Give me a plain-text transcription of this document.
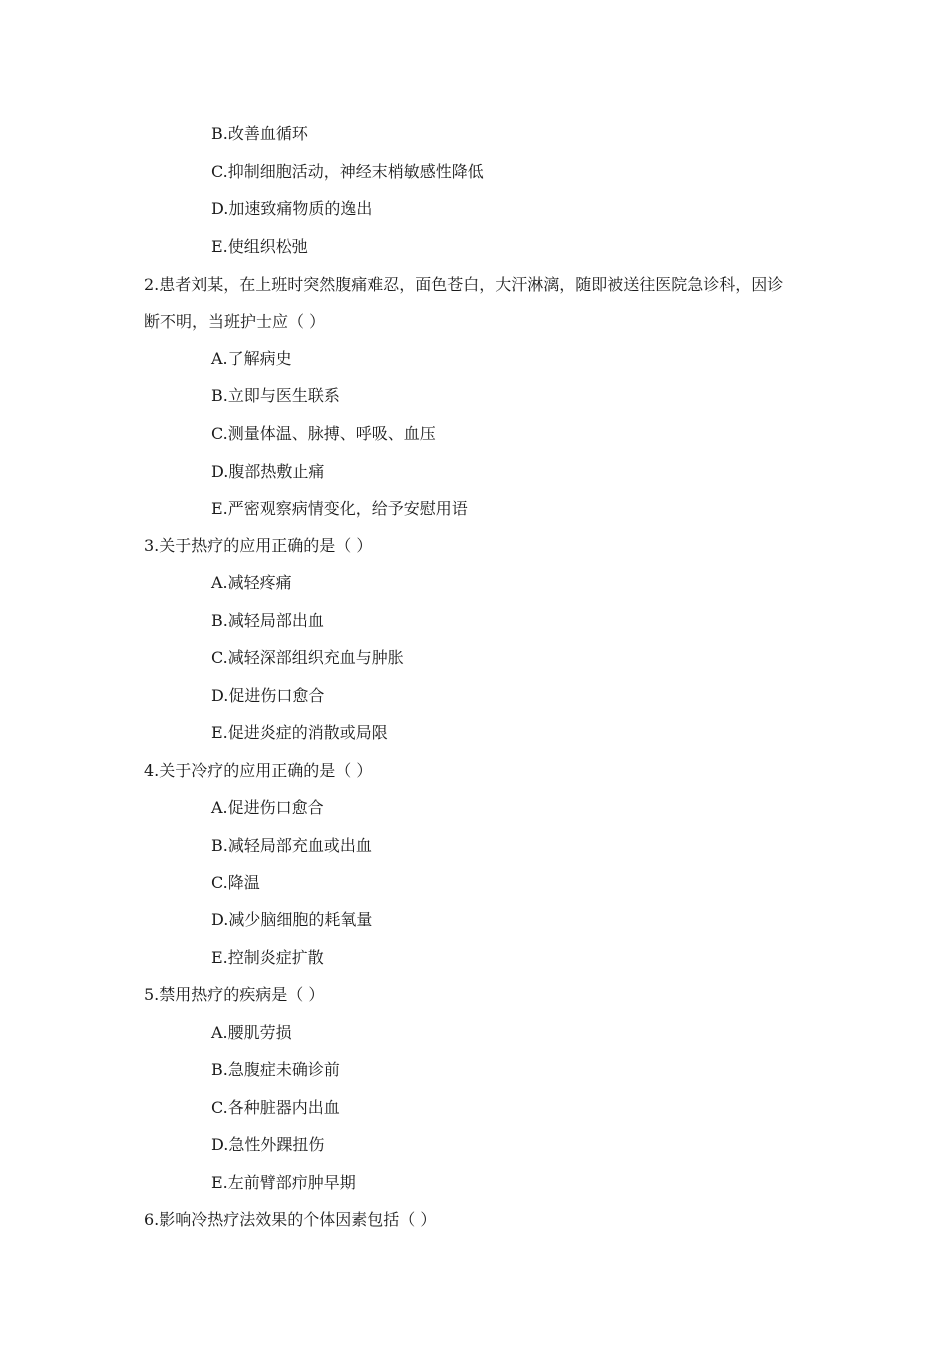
B.改善血循环
C.抑制细胞活动，神经末梢敏感性降低
D.加速致痛物质的逸出
E.使组织松弛
2.患者刘某，在上班时突然腹痛难忍，面色苍白，大汗淋漓，随即被送往医院急诊科，因诊
断不明，当班护士应（ ）
A.了解病史
B.立即与医生联系
C.测量体温、脉搏、呼吸、血压
D.腹部热敷止痛
E.严密观察病情变化，给予安慰用语
3.关于热疗的应用正确的是（ ）
A.减轻疼痛
B.减轻局部出血
C.减轻深部组织充血与肿胀
D.促进伤口愈合
E.促进炎症的消散或局限
4.关于冷疗的应用正确的是（ ）
A.促进伤口愈合
B.减轻局部充血或出血
C.降温
D.减少脑细胞的耗氧量
E.控制炎症扩散
5.禁用热疗的疾病是（ ）
A.腰肌劳损
B.急腹症未确诊前
C.各种脏器内出血
D.急性外踝扭伤
E.左前臂部疖肿早期
6.影响冷热疗法效果的个体因素包括（ ）
